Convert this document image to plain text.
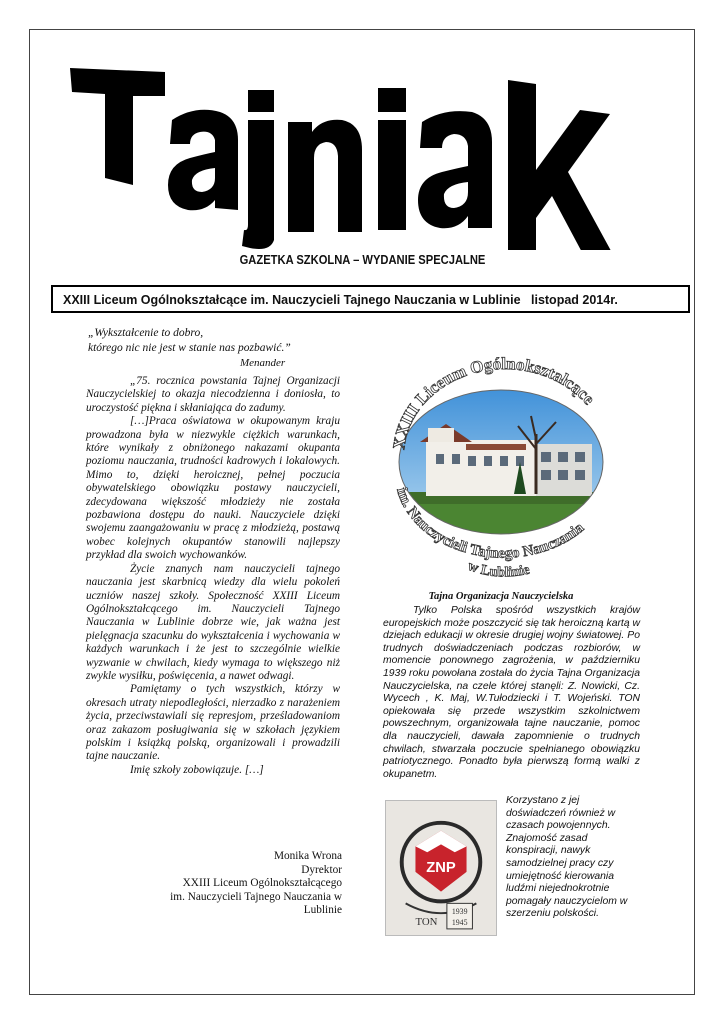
GAZETKA SZKOLNA – WYDANIE SPECJALNE
XXIII Liceum Ogólnokształcące im. Nauczycieli Tajnego Nauczania w Lublinie listopad 2014r.
„Wykształcenie to dobro,
którego nic nie jest w stanie nas pozbawić.”
Menander

„75. rocznica powstania Tajnej Organizacji Nauczycielskiej to okazja niecodzienna i doniosła, to uroczystość piękna i skłaniająca do zadumy.

[…]Praca oświatowa w okupowanym kraju prowadzona była w niezwykle ciężkich warunkach, które wynikały z obniżonego nakazami okupanta poziomu nauczania, trudności kadrowych i lokalowych. Mimo to, dzięki heroicznej, pełnej poczucia obywatelskiego obowiązku postawy nauczycieli, zdecydowana większość młodzieży nie została pozbawiona dostępu do nauki. Nauczyciele dzięki swojemu zaangażowaniu w pracę z młodzieżą, postawą wobec kolejnych okupantów stanowili najlepszy przykład dla swoich wychowanków.

Życie znanych nam nauczycieli tajnego nauczania jest skarbnicą wiedzy dla wielu pokoleń uczniów naszej szkoły. Społeczność XXIII Liceum Ogólnokształcącego im. Nauczycieli Tajnego Nauczania w Lublinie dobrze wie, jak ważna jest pielęgnacja szacunku do wykształcenia i wychowania w każdych warunkach i że jest to szczególnie wielkie wyzwanie w chwilach, kiedy wymaga to większego niż zwykle wysiłku, poświęcenia, a nawet odwagi.

Pamiętamy o tych wszystkich, którzy w okresach utraty niepodległości, nierzadko z narażeniem życia, przeciwstawiali się represjom, prześladowaniom oraz zakazom posługiwania się w szkołach językiem polskim i książką polską, organizowali i prowadzili tajne nauczanie.

Imię szkoły zobowiązuje. […]

Monika Wrona
Dyrektor
XXIII Liceum Ogólnokształcącego
im. Nauczycieli Tajnego Nauczania w
Lublinie
XXIII Liceum Ogólnokształcące
im. Nauczycieli Tajnego Nauczania
w Lublinie
Tajna Organizacja Nauczycielska

Tylko Polska spośród wszystkich krajów europejskich może poszczycić się tak heroiczną kartą w dziejach edukacji w okresie drugiej wojny światowej. Po trudnych doświadczeniach podczas rozbiorów, w momencie ponownego zagrożenia, w październiku 1939 roku powołana została do życia Tajna Organizacja Nauczycielska, na czele której stanęli: Z. Nowicki, Cz. Wycech , K. Maj, W.Tułodziecki i T. Wojeński. TON opiekowała się przede wszystkim szkolnictwem powszechnym, organizowała tajne nauczanie, pomoc dla nauczycieli, dawała zapomnienie o trudnych chwilach, stwarzała poczucie spełnianego obowiązku patriotycznego. Ponadto była pierwszą formą walki z okupanetm.

ZNP
TON
1939
1945
Korzystano z jej doświadczeń również w czasach powojennych. Znajomość zasad konspiracji, nawyk samodzielnej pracy czy umiejętność kierowania ludźmi niejednokrotnie pomagały nauczycielom w szerzeniu polskości.
